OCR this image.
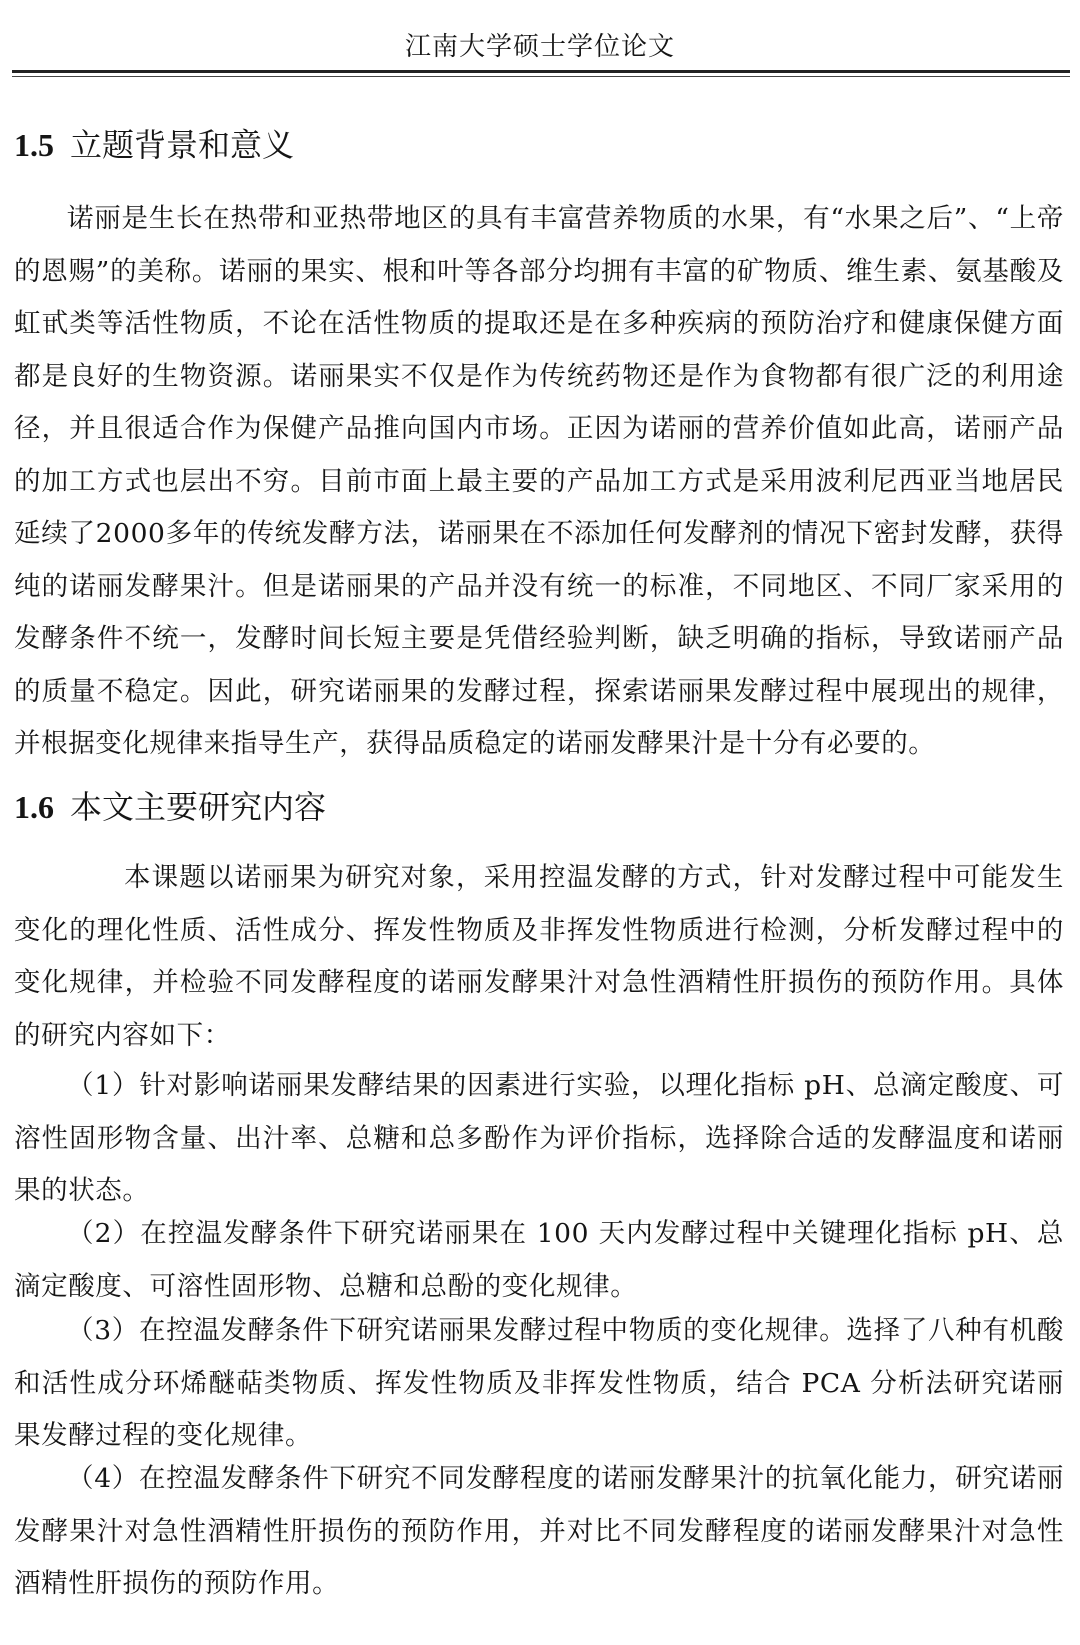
江南大学硕士学位论文
1.5 立题背景和意义

诺丽是生长在热带和亚热带地区的具有丰富营养物质的水果，有“水果之后”、“上帝的恩赐”的美称。诺丽的果实、根和叶等各部分均拥有丰富的矿物质、维生素、氨基酸及虹甙类等活性物质，不论在活性物质的提取还是在多种疾病的预防治疗和健康保健方面都是良好的生物资源。诺丽果实不仅是作为传统药物还是作为食物都有很广泛的利用途径，并且很适合作为保健产品推向国内市场。正因为诺丽的营养价值如此高，诺丽产品的加工方式也层出不穷。目前市面上最主要的产品加工方式是采用波利尼西亚当地居民延续了2000多年的传统发酵方法，诺丽果在不添加任何发酵剂的情况下密封发酵，获得纯的诺丽发酵果汁。但是诺丽果的产品并没有统一的标准，不同地区、不同厂家采用的发酵条件不统一，发酵时间长短主要是凭借经验判断，缺乏明确的指标，导致诺丽产品的质量不稳定。因此，研究诺丽果的发酵过程，探索诺丽果发酵过程中展现出的规律，并根据变化规律来指导生产，获得品质稳定的诺丽发酵果汁是十分有必要的。

1.6 本文主要研究内容

本课题以诺丽果为研究对象，采用控温发酵的方式，针对发酵过程中可能发生变化的理化性质、活性成分、挥发性物质及非挥发性物质进行检测，分析发酵过程中的变化规律，并检验不同发酵程度的诺丽发酵果汁对急性酒精性肝损伤的预防作用。具体的研究内容如下：

（1）针对影响诺丽果发酵结果的因素进行实验，以理化指标 pH、总滴定酸度、可溶性固形物含量、出汁率、总糖和总多酚作为评价指标，选择除合适的发酵温度和诺丽果的状态。

（2）在控温发酵条件下研究诺丽果在 100 天内发酵过程中关键理化指标 pH、总滴定酸度、可溶性固形物、总糖和总酚的变化规律。

（3）在控温发酵条件下研究诺丽果发酵过程中物质的变化规律。选择了八种有机酸和活性成分环烯醚萜类物质、挥发性物质及非挥发性物质，结合 PCA 分析法研究诺丽果发酵过程的变化规律。

（4）在控温发酵条件下研究不同发酵程度的诺丽发酵果汁的抗氧化能力，研究诺丽发酵果汁对急性酒精性肝损伤的预防作用，并对比不同发酵程度的诺丽发酵果汁对急性酒精性肝损伤的预防作用。
